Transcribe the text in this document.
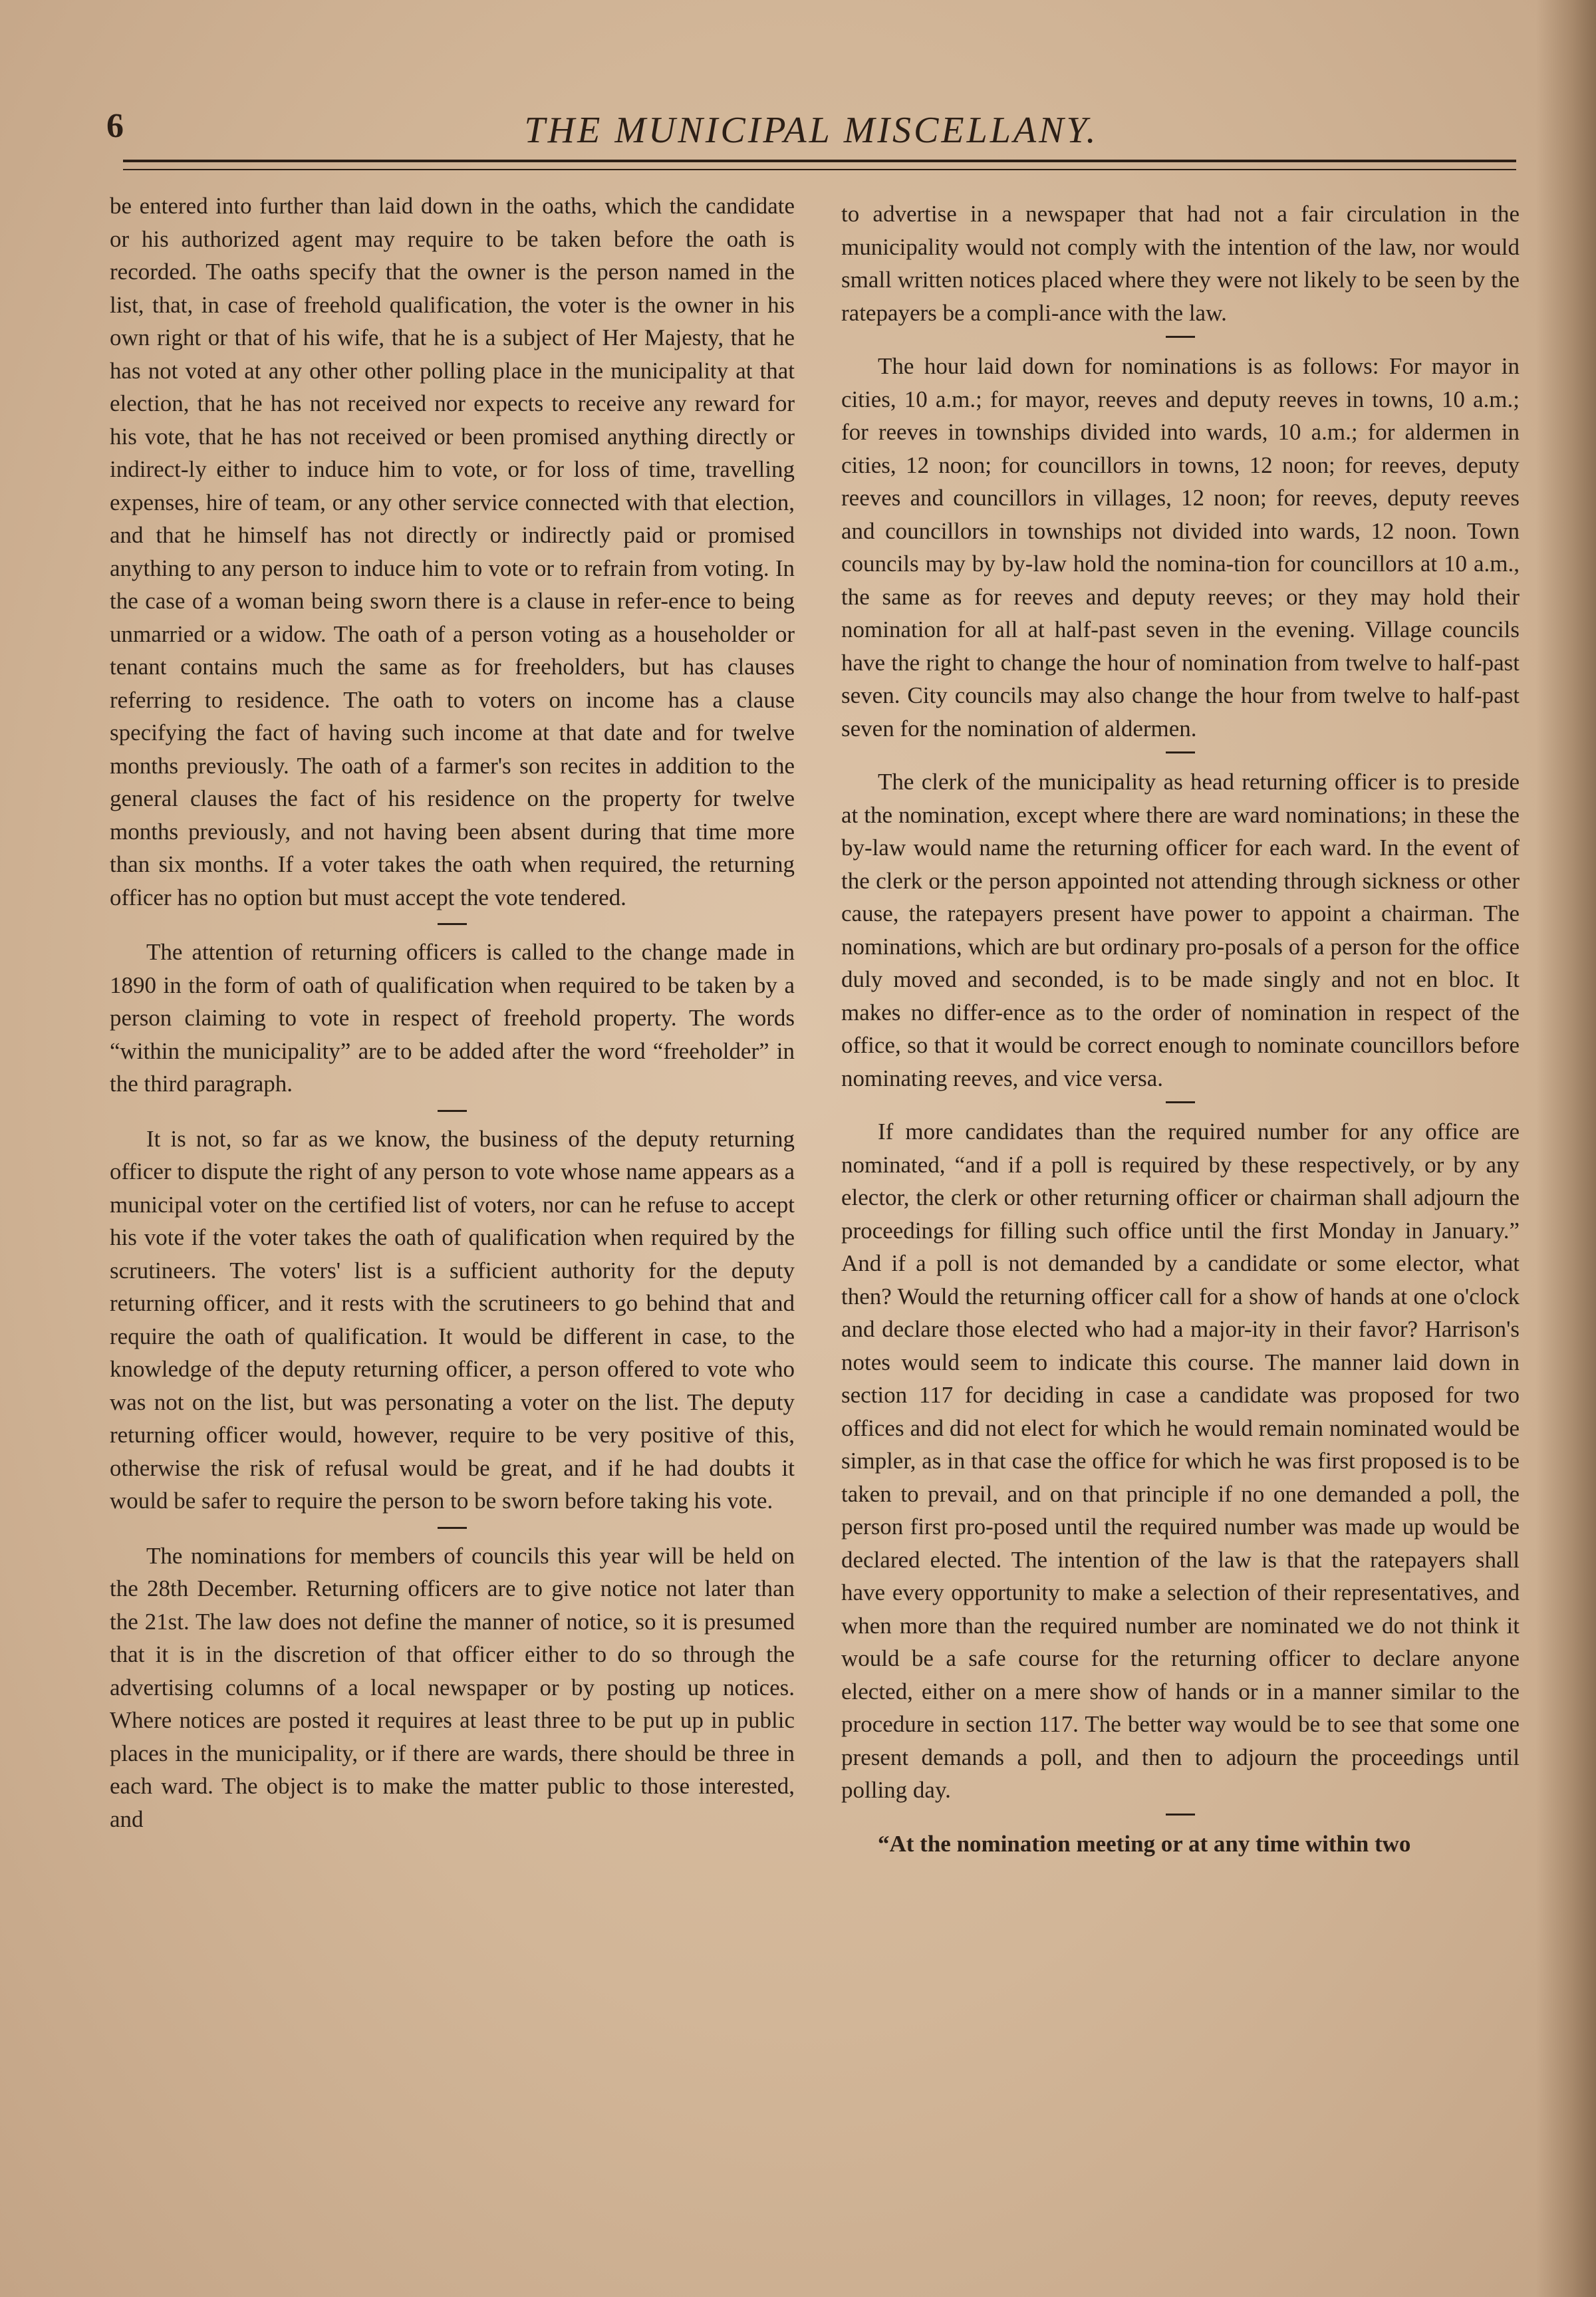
6	THE MUNICIPAL MISCELLANY.

be entered into further than laid down in the oaths, which the candidate or his authorized agent may require to be taken before the oath is recorded. The oaths specify that the owner is the person named in the list, that, in case of freehold qualification, the voter is the owner in his own right or that of his wife, that he is a subject of Her Majesty, that he has not voted at any other other polling place in the municipality at that election, that he has not received nor expects to receive any reward for his vote, that he has not received or been promised anything directly or indirect-ly either to induce him to vote, or for loss of time, travelling expenses, hire of team, or any other service connected with that election, and that he himself has not directly or indirectly paid or promised anything to any person to induce him to vote or to refrain from voting. In the case of a woman being sworn there is a clause in refer-ence to being unmarried or a widow. The oath of a person voting as a householder or tenant contains much the same as for freeholders, but has clauses referring to residence. The oath to voters on income has a clause specifying the fact of having such income at that date and for twelve months previously. The oath of a farmer's son recites in addition to the general clauses the fact of his residence on the property for twelve months previously, and not having been absent during that time more than six months. If a voter takes the oath when required, the returning officer has no option but must accept the vote tendered.

The attention of returning officers is called to the change made in 1890 in the form of oath of qualification when required to be taken by a person claiming to vote in respect of freehold property. The words “within the municipality” are to be added after the word “freeholder” in the third paragraph.

It is not, so far as we know, the business of the deputy returning officer to dispute the right of any person to vote whose name appears as a municipal voter on the certified list of voters, nor can he refuse to accept his vote if the voter takes the oath of qualification when required by the scrutineers. The voters' list is a sufficient authority for the deputy returning officer, and it rests with the scrutineers to go behind that and require the oath of qualification. It would be different in case, to the knowledge of the deputy returning officer, a person offered to vote who was not on the list, but was personating a voter on the list. The deputy returning officer would, however, require to be very positive of this, otherwise the risk of refusal would be great, and if he had doubts it would be safer to require the person to be sworn before taking his vote.

The nominations for members of councils this year will be held on the 28th December. Returning officers are to give notice not later than the 21st. The law does not define the manner of notice, so it is presumed that it is in the discretion of that officer either to do so through the advertising columns of a local newspaper or by posting up notices. Where notices are posted it requires at least three to be put up in public places in the municipality, or if there are wards, there should be three in each ward. The object is to make the matter public to those interested, and

to advertise in a newspaper that had not a fair circulation in the municipality would not comply with the intention of the law, nor would small written notices placed where they were not likely to be seen by the ratepayers be a compli-ance with the law.

The hour laid down for nominations is as follows: For mayor in cities, 10 a.m.; for mayor, reeves and deputy reeves in towns, 10 a.m.; for reeves in townships divided into wards, 10 a.m.; for aldermen in cities, 12 noon; for councillors in towns, 12 noon; for reeves, deputy reeves and councillors in villages, 12 noon; for reeves, deputy reeves and councillors in townships not divided into wards, 12 noon. Town councils may by by-law hold the nomina-tion for councillors at 10 a.m., the same as for reeves and deputy reeves; or they may hold their nomination for all at half-past seven in the evening. Village councils have the right to change the hour of nomination from twelve to half-past seven. City councils may also change the hour from twelve to half-past seven for the nomination of aldermen.

The clerk of the municipality as head returning officer is to preside at the nomination, except where there are ward nominations; in these the by-law would name the returning officer for each ward. In the event of the clerk or the person appointed not attending through sickness or other cause, the ratepayers present have power to appoint a chairman. The nominations, which are but ordinary pro-posals of a person for the office duly moved and seconded, is to be made singly and not en bloc. It makes no differ-ence as to the order of nomination in respect of the office, so that it would be correct enough to nominate councillors before nominating reeves, and vice versa.

If more candidates than the required number for any office are nominated, “and if a poll is required by these respectively, or by any elector, the clerk or other returning officer or chairman shall adjourn the proceedings for filling such office until the first Monday in January.” And if a poll is not demanded by a candidate or some elector, what then? Would the returning officer call for a show of hands at one o'clock and declare those elected who had a major-ity in their favor? Harrison's notes would seem to indicate this course. The manner laid down in section 117 for deciding in case a candidate was proposed for two offices and did not elect for which he would remain nominated would be simpler, as in that case the office for which he was first proposed is to be taken to prevail, and on that principle if no one demanded a poll, the person first pro-posed until the required number was made up would be declared elected. The intention of the law is that the ratepayers shall have every opportunity to make a selection of their representatives, and when more than the required number are nominated we do not think it would be a safe course for the returning officer to declare anyone elected, either on a mere show of hands or in a manner similar to the procedure in section 117. The better way would be to see that some one present demands a poll, and then to adjourn the proceedings until polling day.

“At the nomination meeting or at any time within two
